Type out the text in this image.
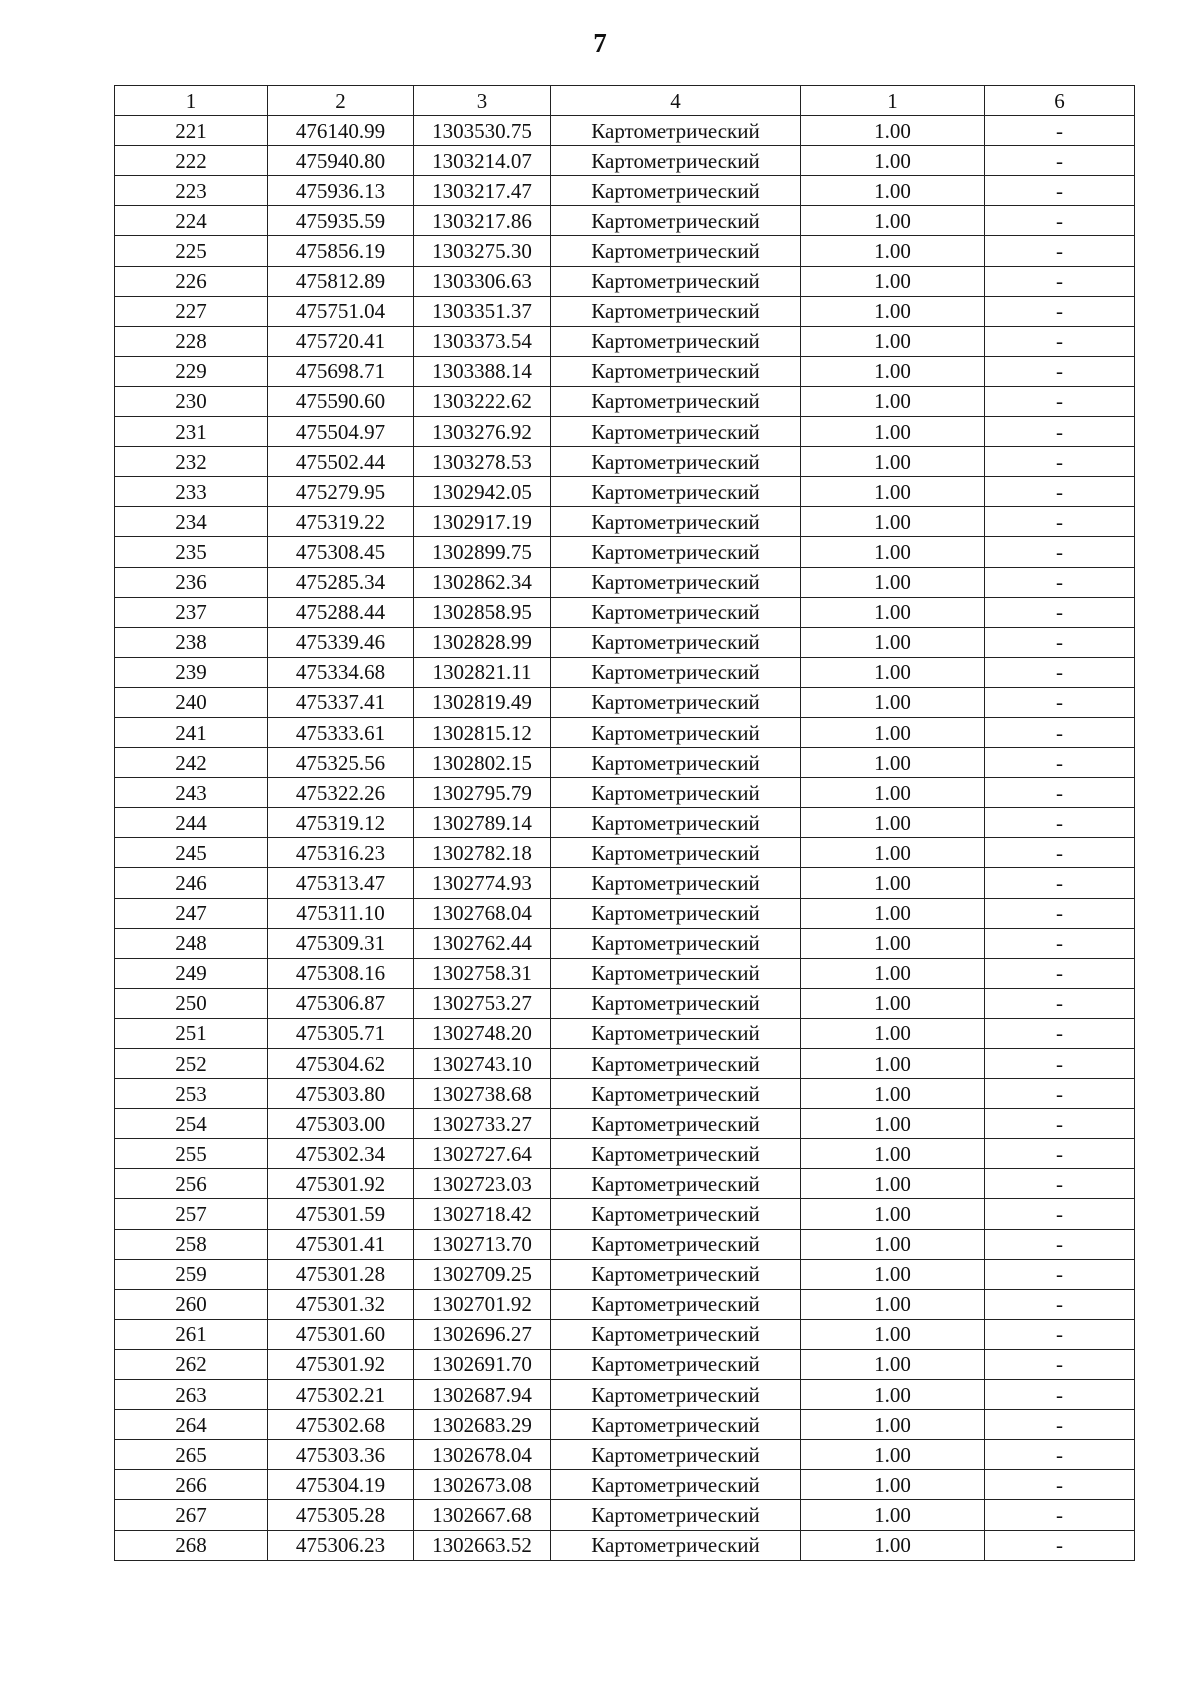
7
1	2	3	4	1	6
221	476140.99	1303530.75	Картометрический	1.00	-
222	475940.80	1303214.07	Картометрический	1.00	-
223	475936.13	1303217.47	Картометрический	1.00	-
224	475935.59	1303217.86	Картометрический	1.00	-
225	475856.19	1303275.30	Картометрический	1.00	-
226	475812.89	1303306.63	Картометрический	1.00	-
227	475751.04	1303351.37	Картометрический	1.00	-
228	475720.41	1303373.54	Картометрический	1.00	-
229	475698.71	1303388.14	Картометрический	1.00	-
230	475590.60	1303222.62	Картометрический	1.00	-
231	475504.97	1303276.92	Картометрический	1.00	-
232	475502.44	1303278.53	Картометрический	1.00	-
233	475279.95	1302942.05	Картометрический	1.00	-
234	475319.22	1302917.19	Картометрический	1.00	-
235	475308.45	1302899.75	Картометрический	1.00	-
236	475285.34	1302862.34	Картометрический	1.00	-
237	475288.44	1302858.95	Картометрический	1.00	-
238	475339.46	1302828.99	Картометрический	1.00	-
239	475334.68	1302821.11	Картометрический	1.00	-
240	475337.41	1302819.49	Картометрический	1.00	-
241	475333.61	1302815.12	Картометрический	1.00	-
242	475325.56	1302802.15	Картометрический	1.00	-
243	475322.26	1302795.79	Картометрический	1.00	-
244	475319.12	1302789.14	Картометрический	1.00	-
245	475316.23	1302782.18	Картометрический	1.00	-
246	475313.47	1302774.93	Картометрический	1.00	-
247	475311.10	1302768.04	Картометрический	1.00	-
248	475309.31	1302762.44	Картометрический	1.00	-
249	475308.16	1302758.31	Картометрический	1.00	-
250	475306.87	1302753.27	Картометрический	1.00	-
251	475305.71	1302748.20	Картометрический	1.00	-
252	475304.62	1302743.10	Картометрический	1.00	-
253	475303.80	1302738.68	Картометрический	1.00	-
254	475303.00	1302733.27	Картометрический	1.00	-
255	475302.34	1302727.64	Картометрический	1.00	-
256	475301.92	1302723.03	Картометрический	1.00	-
257	475301.59	1302718.42	Картометрический	1.00	-
258	475301.41	1302713.70	Картометрический	1.00	-
259	475301.28	1302709.25	Картометрический	1.00	-
260	475301.32	1302701.92	Картометрический	1.00	-
261	475301.60	1302696.27	Картометрический	1.00	-
262	475301.92	1302691.70	Картометрический	1.00	-
263	475302.21	1302687.94	Картометрический	1.00	-
264	475302.68	1302683.29	Картометрический	1.00	-
265	475303.36	1302678.04	Картометрический	1.00	-
266	475304.19	1302673.08	Картометрический	1.00	-
267	475305.28	1302667.68	Картометрический	1.00	-
268	475306.23	1302663.52	Картометрический	1.00	-
